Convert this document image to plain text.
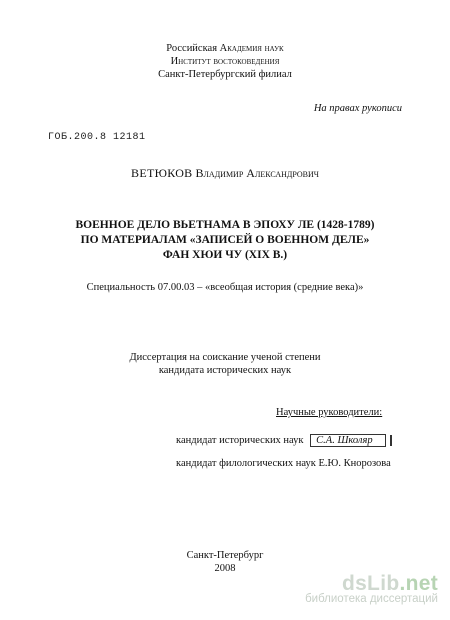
Российская Академия наук
Институт востоковедения
Санкт-Петербургский филиал
На правах рукописи
ГОБ.200.8 12181
ВЕТЮКОВ Владимир Александрович
ВОЕННОЕ ДЕЛО ВЬЕТНАМА В ЭПОХУ ЛЕ (1428-1789)
ПО МАТЕРИАЛАМ «ЗАПИСЕЙ О ВОЕННОМ ДЕЛЕ»
ФАН ХЮИ ЧУ (XIX В.)
Специальность 07.00.03 – «всеобщая история (средние века)»
Диссертация на соискание ученой степени
кандидата исторических наук
Научные руководители:
кандидат исторических наук С.А. Школяр
кандидат филологических наук Е.Ю. Кнорозова
Санкт-Петербург
2008
dsLib.net
библиотека диссертаций
